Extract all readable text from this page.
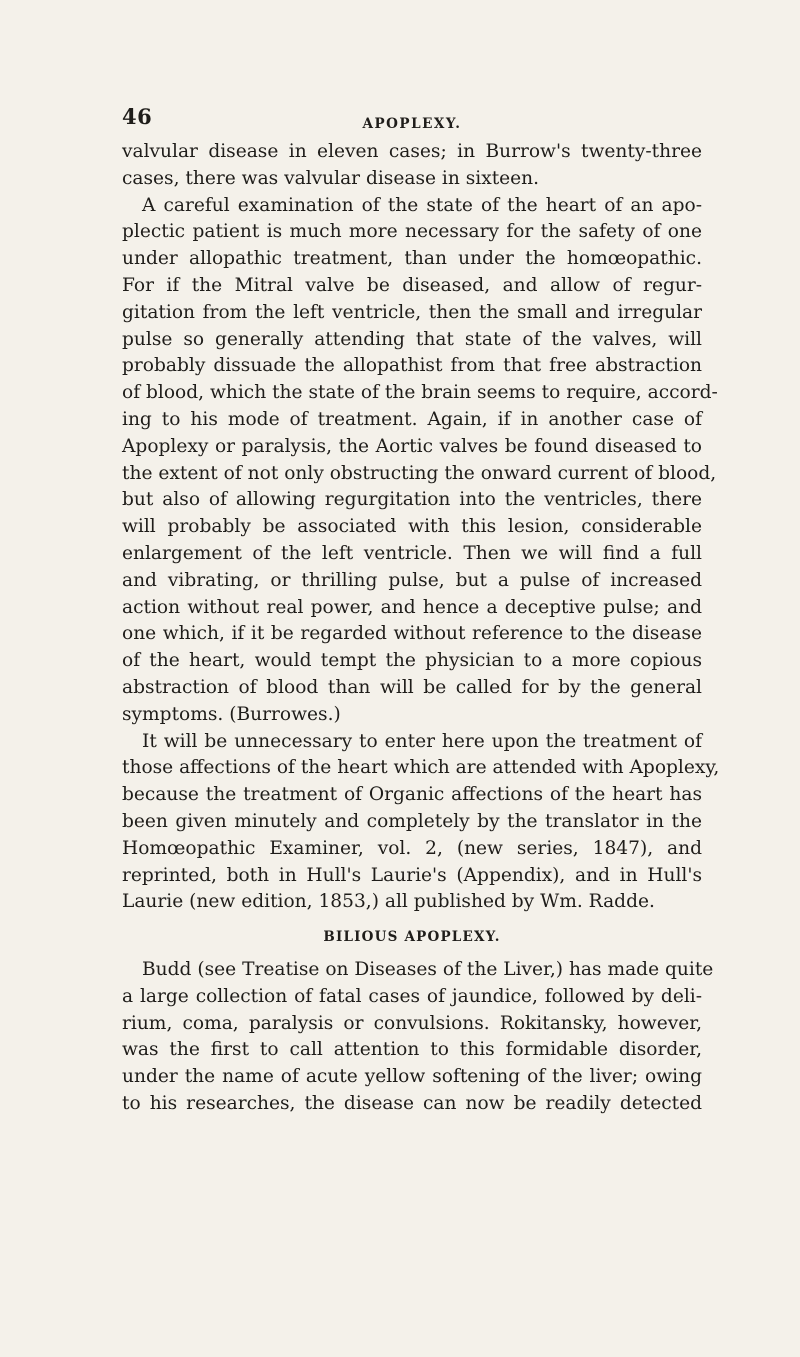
46	APOPLEXY.
valvular disease in eleven cases; in Burrow's twenty-three
cases, there was valvular disease in sixteen.
A careful examination of the state of the heart of an apo-
plectic patient is much more necessary for the safety of one
under allopathic treatment, than under the homœopathic.
For if the Mitral valve be diseased, and allow of regur-
gitation from the left ventricle, then the small and irregular
pulse so generally attending that state of the valves, will
probably dissuade the allopathist from that free abstraction
of blood, which the state of the brain seems to require, accord-
ing to his mode of treatment. Again, if in another case of
Apoplexy or paralysis, the Aortic valves be found diseased to
the extent of not only obstructing the onward current of blood,
but also of allowing regurgitation into the ventricles, there
will probably be associated with this lesion, considerable
enlargement of the left ventricle. Then we will find a full
and vibrating, or thrilling pulse, but a pulse of increased
action without real power, and hence a deceptive pulse; and
one which, if it be regarded without reference to the disease
of the heart, would tempt the physician to a more copious
abstraction of blood than will be called for by the general
symptoms. (Burrowes.)
It will be unnecessary to enter here upon the treatment of
those affections of the heart which are attended with Apoplexy,
because the treatment of Organic affections of the heart has
been given minutely and completely by the translator in the
Homœopathic Examiner, vol. 2, (new series, 1847), and
reprinted, both in Hull's Laurie's (Appendix), and in Hull's
Laurie (new edition, 1853,) all published by Wm. Radde.
BILIOUS APOPLEXY.
Budd (see Treatise on Diseases of the Liver,) has made quite
a large collection of fatal cases of jaundice, followed by deli-
rium, coma, paralysis or convulsions. Rokitansky, however,
was the first to call attention to this formidable disorder,
under the name of acute yellow softening of the liver; owing
to his researches, the disease can now be readily detected
